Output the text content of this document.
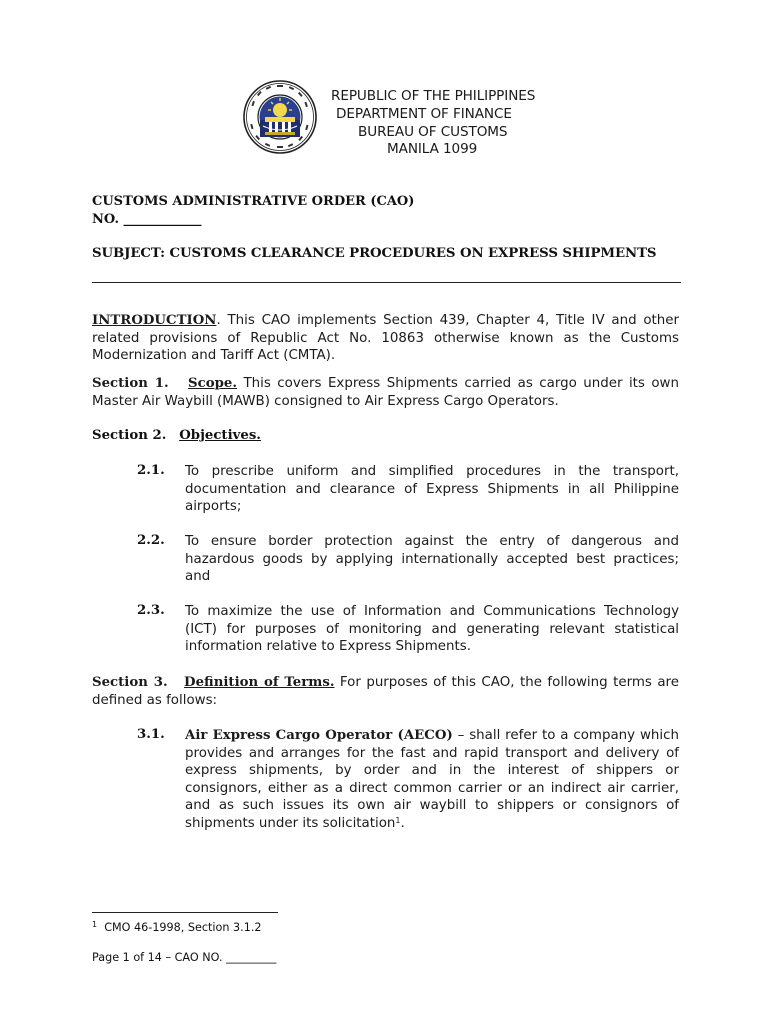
REPUBLIC OF THE PHILIPPINES
DEPARTMENT OF FINANCE
BUREAU OF CUSTOMS
MANILA 1099
CUSTOMS ADMINISTRATIVE ORDER (CAO)
NO. ____________
SUBJECT: CUSTOMS CLEARANCE PROCEDURES ON EXPRESS SHIPMENTS
INTRODUCTION. This CAO implements Section 439, Chapter 4, Title IV and other related provisions of Republic Act No. 10863 otherwise known as the Customs Modernization and Tariff Act (CMTA).
Section 1. Scope. This covers Express Shipments carried as cargo under its own Master Air Waybill (MAWB) consigned to Air Express Cargo Operators.
Section 2. Objectives.
2.1. To prescribe uniform and simplified procedures in the transport, documentation and clearance of Express Shipments in all Philippine airports;
2.2. To ensure border protection against the entry of dangerous and hazardous goods by applying internationally accepted best practices; and
2.3. To maximize the use of Information and Communications Technology (ICT) for purposes of monitoring and generating relevant statistical information relative to Express Shipments.
Section 3. Definition of Terms. For purposes of this CAO, the following terms are defined as follows:
3.1. Air Express Cargo Operator (AECO) – shall refer to a company which provides and arranges for the fast and rapid transport and delivery of express shipments, by order and in the interest of shippers or consignors, either as a direct common carrier or an indirect air carrier, and as such issues its own air waybill to shippers or consignors of shipments under its solicitation$^1$.
$^1$ CMO 46-1998, Section 3.1.2
Page 1 of 14 – CAO NO. _________
